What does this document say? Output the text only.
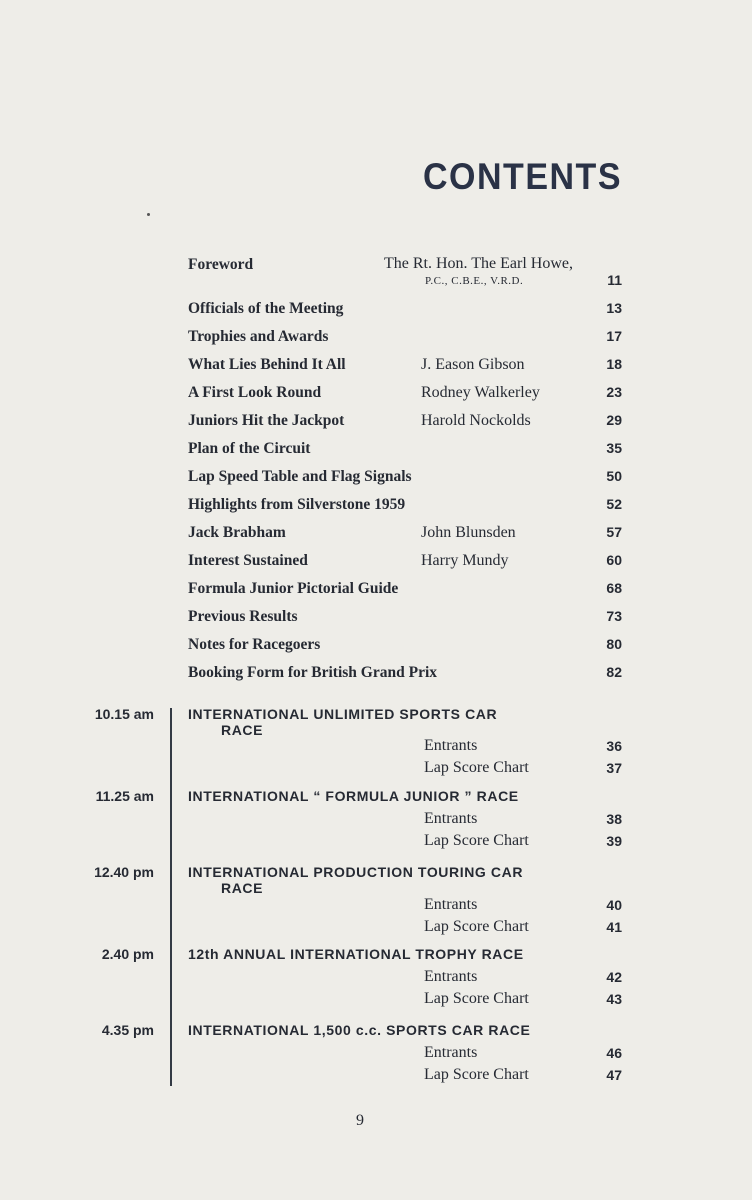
CONTENTS
Foreword	The Rt. Hon. The Earl Howe,
P.C., C.B.E., V.R.D.	11
Officials of the Meeting	13
Trophies and Awards	17
What Lies Behind It All	J. Eason Gibson	18
A First Look Round	Rodney Walkerley	23
Juniors Hit the Jackpot	Harold Nockolds	29
Plan of the Circuit	35
Lap Speed Table and Flag Signals	50
Highlights from Silverstone 1959	52
Jack Brabham	John Blunsden	57
Interest Sustained	Harry Mundy	60
Formula Junior Pictorial Guide	68
Previous Results	73
Notes for Racegoers	80
Booking Form for British Grand Prix	82
10.15 am INTERNATIONAL UNLIMITED SPORTS CAR
RACE
Entrants	36
Lap Score Chart	37
11.25 am INTERNATIONAL “ FORMULA JUNIOR ” RACE
Entrants	38
Lap Score Chart	39
12.40 pm INTERNATIONAL PRODUCTION TOURING CAR
RACE
Entrants	40
Lap Score Chart	41
2.40 pm 12th ANNUAL INTERNATIONAL TROPHY RACE
Entrants	42
Lap Score Chart	43
4.35 pm INTERNATIONAL 1,500 c.c. SPORTS CAR RACE
Entrants	46
Lap Score Chart	47
9
